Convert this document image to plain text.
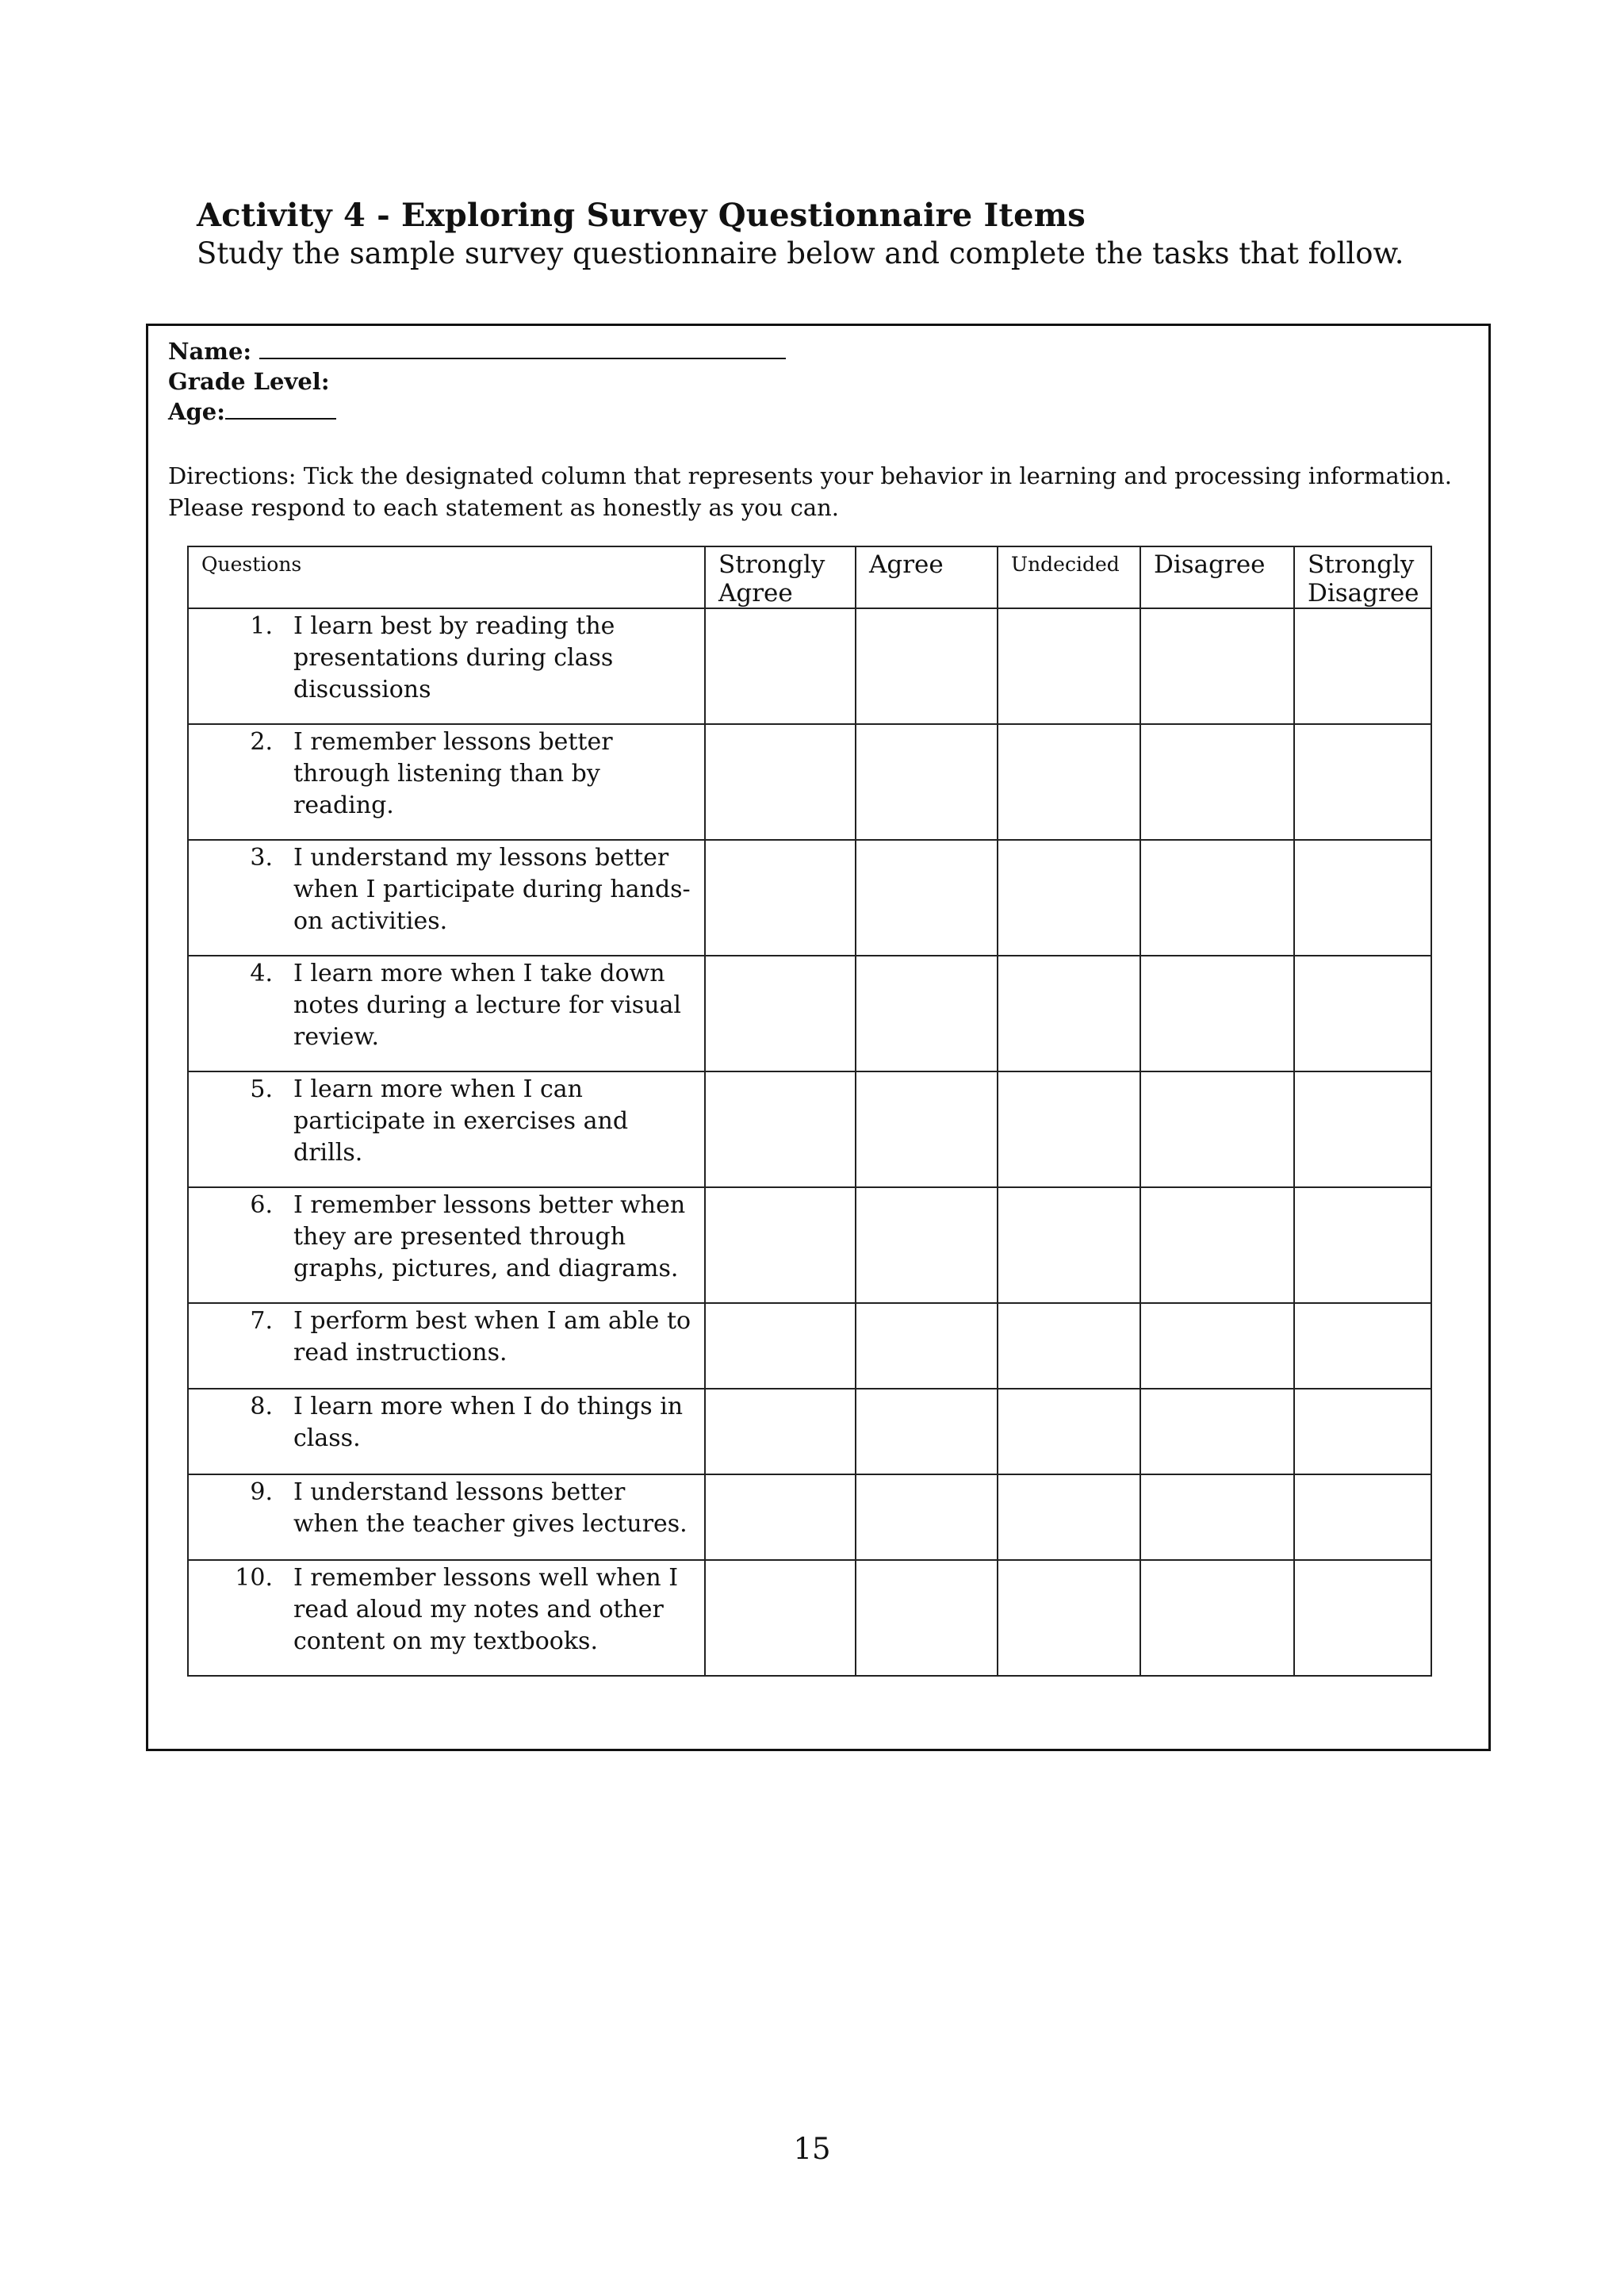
Activity 4 - Exploring Survey Questionnaire Items
Study the sample survey questionnaire below and complete the tasks that follow.
Name:
Grade Level:
Age:
Directions: Tick the designated column that represents your behavior in learning and processing information. Please respond to each statement as honestly as you can.
Questions	Strongly Agree	Agree	Undecided	Disagree	Strongly Disagree

1. I learn best by reading the presentations during class discussions					

2. I remember lessons better through listening than by reading.					

3. I understand my lessons better when I participate during hands-on activities.					

4. I learn more when I take down notes during a lecture for visual review.					

5. I learn more when I can participate in exercises and drills.					

6. I remember lessons better when they are presented through graphs, pictures, and diagrams.					

7. I perform best when I am able to read instructions.					

8. I learn more when I do things in class.					

9. I understand lessons better when the teacher gives lectures.					

10. I remember lessons well when I read aloud my notes and other content on my textbooks.					

15
